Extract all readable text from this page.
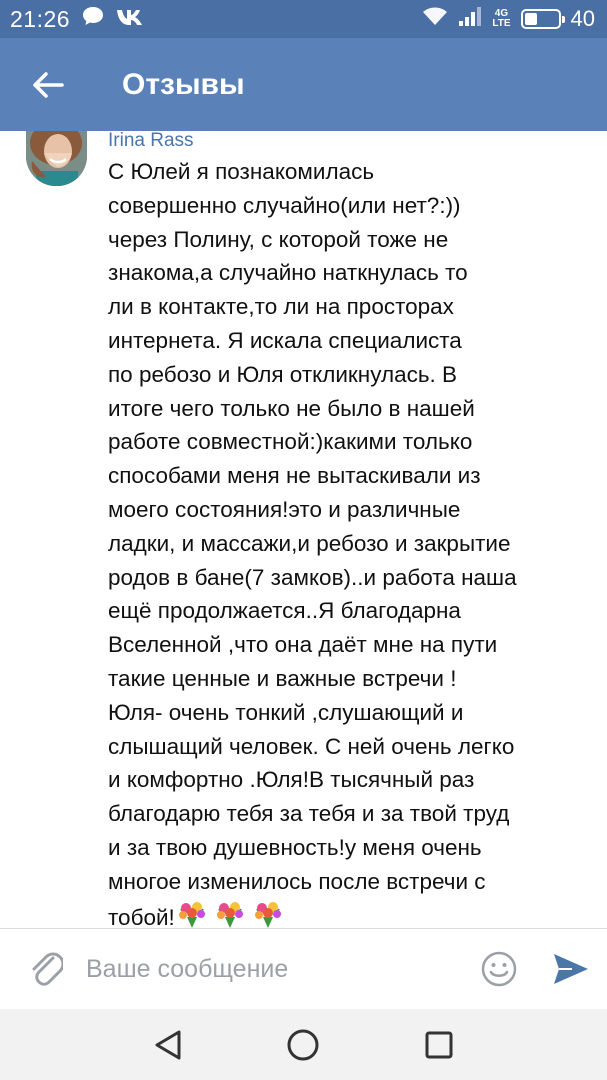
21:26	4G
LTE	40
Отзывы
Irina Rass
С Юлей я познакомилась
совершенно случайно(или нет?:))
через Полину, с которой тоже не
знакома,а случайно наткнулась то
ли в контакте,то ли на просторах
интернета. Я искала специалиста
по ребозо и Юля откликнулась. В
итоге чего только не было в нашей
работе совместной:)какими только
способами меня не вытаскивали из
моего состояния!это и различные
ладки, и массажи,и ребозо и закрытие
родов в бане(7 замков)..и работа наша
ещё продолжается..Я благодарна
Вселенной ,что она даёт мне на пути
такие ценные и важные встречи !
Юля- очень тонкий ,слушающий и
слышащий человек. С ней очень легко
и комфортно .Юля!В тысячный раз
благодарю тебя за тебя и за твой труд
и за твою душевность!у меня очень
многое изменилось после встречи с
тобой!
Ваше сообщение
